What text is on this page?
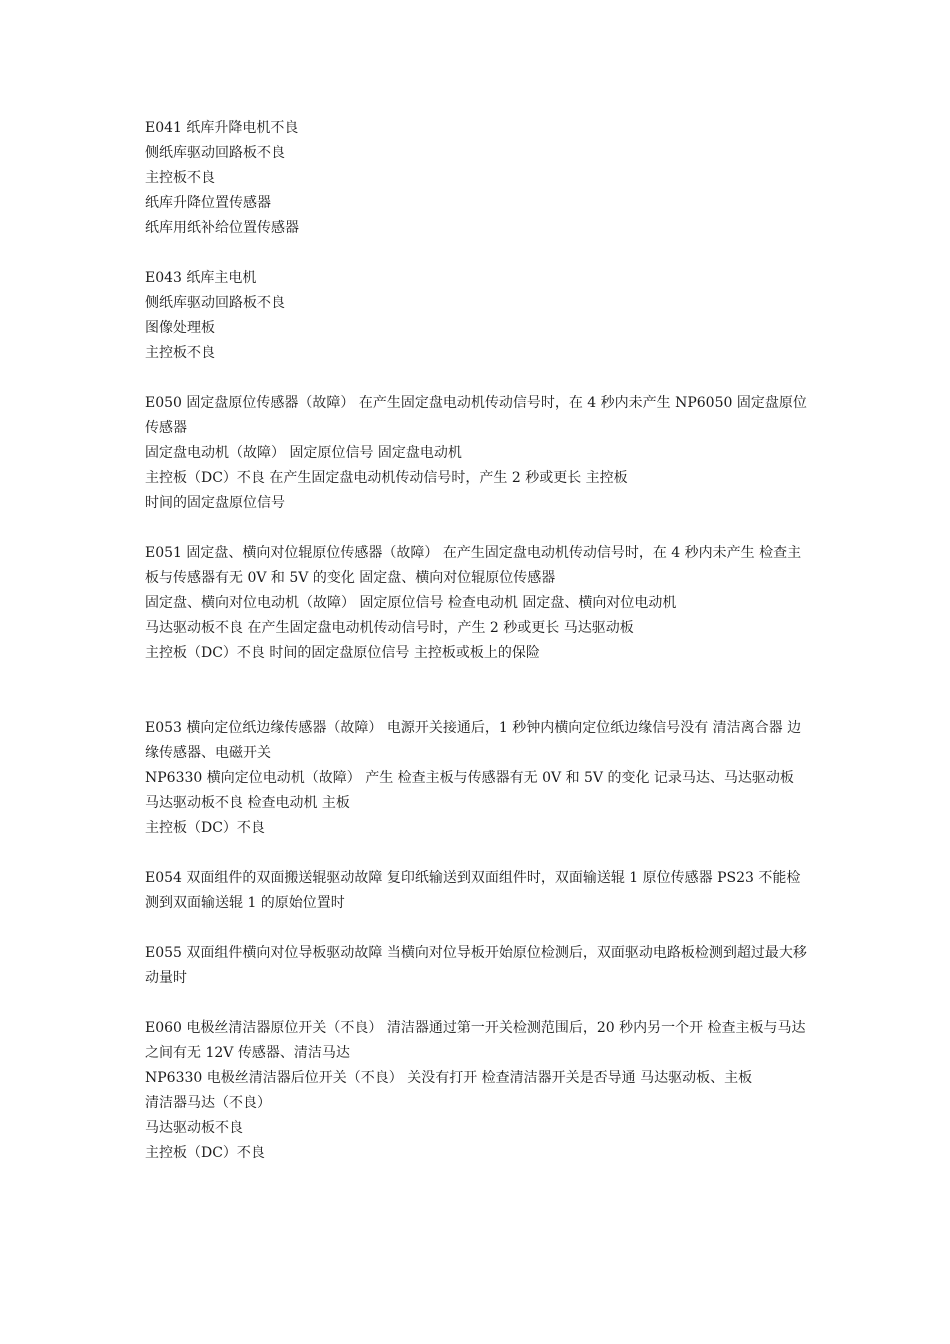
E041 纸库升降电机不良
侧纸库驱动回路板不良
主控板不良
纸库升降位置传感器
纸库用纸补给位置传感器
E043 纸库主电机
侧纸库驱动回路板不良
图像处理板
主控板不良
E050 固定盘原位传感器（故障） 在产生固定盘电动机传动信号时，在 4 秒内未产生 NP6050 固定盘原位传感器
固定盘电动机（故障） 固定原位信号 固定盘电动机
主控板（DC）不良 在产生固定盘电动机传动信号时，产生 2 秒或更长 主控板
时间的固定盘原位信号
E051 固定盘、横向对位辊原位传感器（故障） 在产生固定盘电动机传动信号时，在 4 秒内未产生 检查主板与传感器有无 0V 和 5V 的变化 固定盘、横向对位辊原位传感器
固定盘、横向对位电动机（故障） 固定原位信号 检查电动机 固定盘、横向对位电动机
马达驱动板不良 在产生固定盘电动机传动信号时，产生 2 秒或更长 马达驱动板
主控板（DC）不良 时间的固定盘原位信号 主控板或板上的保险
E053 横向定位纸边缘传感器（故障） 电源开关接通后，1 秒钟内横向定位纸边缘信号没有 清洁离合器 边缘传感器、电磁开关
NP6330 横向定位电动机（故障） 产生 检查主板与传感器有无 0V 和 5V 的变化 记录马达、马达驱动板
马达驱动板不良 检查电动机 主板
主控板（DC）不良
E054 双面组件的双面搬送辊驱动故障 复印纸输送到双面组件时，双面输送辊 1 原位传感器 PS23 不能检测到双面输送辊 1 的原始位置时
E055 双面组件横向对位导板驱动故障 当横向对位导板开始原位检测后，双面驱动电路板检测到超过最大移动量时
E060 电极丝清洁器原位开关（不良） 清洁器通过第一开关检测范围后，20 秒内另一个开 检查主板与马达之间有无 12V 传感器、清洁马达
NP6330 电极丝清洁器后位开关（不良） 关没有打开 检查清洁器开关是否导通 马达驱动板、主板
清洁器马达（不良）
马达驱动板不良
主控板（DC）不良
